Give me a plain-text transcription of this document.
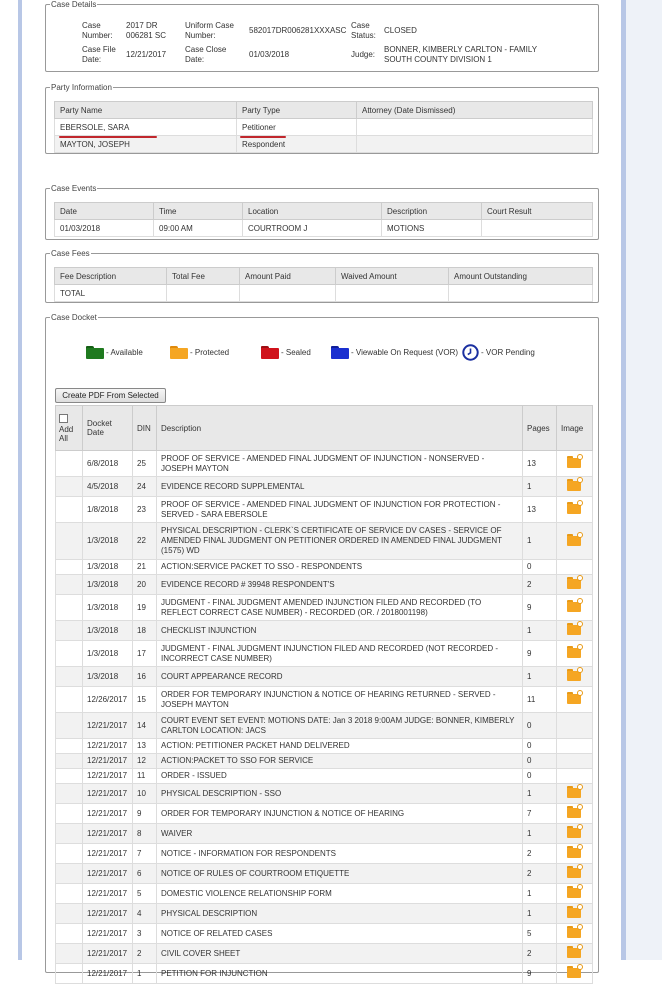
Case Details
Case Number:
2017 DR 006281 SC
Uniform Case Number:
582017DR006281XXXASC
Case Status:
CLOSED
Case File Date:
12/21/2017
Case Close Date:
01/03/2018	Judge:
BONNER, KIMBERLY CARLTON - FAMILY SOUTH COUNTY DIVISION 1
Party Information
Party Name	Party Type	Attorney (Date Dismissed)
EBERSOLE, SARA	Petitioner	
MAYTON, JOSEPH	Respondent	
Case Events
Date	Time	Location	Description	Court Result
01/03/2018	09:00 AM	COURTROOM J	MOTIONS	
Case Fees
Fee Description	Total Fee	Amount Paid	Waived Amount	Amount Outstanding
TOTAL				
Case Docket
- Available	- Protected	- Sealed	- Viewable On Request (VOR)	- VOR Pending
Create PDF From Selected

Add All	Docket Date	DIN	Description	Pages	Image
	6/8/2018	25	PROOF OF SERVICE - AMENDED FINAL JUDGMENT OF INJUNCTION - NONSERVED - JOSEPH MAYTON	13	

	4/5/2018	24	EVIDENCE RECORD SUPPLEMENTAL	1	

	1/8/2018	23	PROOF OF SERVICE - AMENDED FINAL JUDGMENT OF INJUNCTION FOR PROTECTION - SERVED - SARA EBERSOLE	13	

	1/3/2018	22	PHYSICAL DESCRIPTION - CLERK`S CERTIFICATE OF SERVICE DV CASES - SERVICE OF AMENDED FINAL JUDGMENT ON PETITIONER ORDERED IN AMENDED FINAL JUDGMENT (1575) WD	1	

	1/3/2018	21	ACTION:SERVICE PACKET TO SSO - RESPONDENTS	0	
	1/3/2018	20	EVIDENCE RECORD # 39948 RESPONDENT'S	2	

	1/3/2018	19	JUDGMENT - FINAL JUDGMENT AMENDED INJUNCTION FILED AND RECORDED (TO REFLECT CORRECT CASE NUMBER) - RECORDED (OR. / 2018001198)	9	

	1/3/2018	18	CHECKLIST INJUNCTION	1	

	1/3/2018	17	JUDGMENT - FINAL JUDGMENT INJUNCTION FILED AND RECORDED (NOT RECORDED - INCORRECT CASE NUMBER)	9	

	1/3/2018	16	COURT APPEARANCE RECORD	1	

	12/26/2017	15	ORDER FOR TEMPORARY INJUNCTION & NOTICE OF HEARING RETURNED - SERVED - JOSEPH MAYTON	11	

	12/21/2017	14	COURT EVENT SET EVENT: MOTIONS DATE: Jan 3 2018 9:00AM JUDGE: BONNER, KIMBERLY CARLTON LOCATION: JACS	0	
	12/21/2017	13	ACTION: PETITIONER PACKET HAND DELIVERED	0	
	12/21/2017	12	ACTION:PACKET TO SSO FOR SERVICE	0	
	12/21/2017	11	ORDER - ISSUED	0	
	12/21/2017	10	PHYSICAL DESCRIPTION - SSO	1	

	12/21/2017	9	ORDER FOR TEMPORARY INJUNCTION & NOTICE OF HEARING	7	

	12/21/2017	8	WAIVER	1	

	12/21/2017	7	NOTICE - INFORMATION FOR RESPONDENTS	2	

	12/21/2017	6	NOTICE OF RULES OF COURTROOM ETIQUETTE	2	

	12/21/2017	5	DOMESTIC VIOLENCE RELATIONSHIP FORM	1	

	12/21/2017	4	PHYSICAL DESCRIPTION	1	

	12/21/2017	3	NOTICE OF RELATED CASES	5	

	12/21/2017	2	CIVIL COVER SHEET	2	

	12/21/2017	1	PETITION FOR INJUNCTION	9	
